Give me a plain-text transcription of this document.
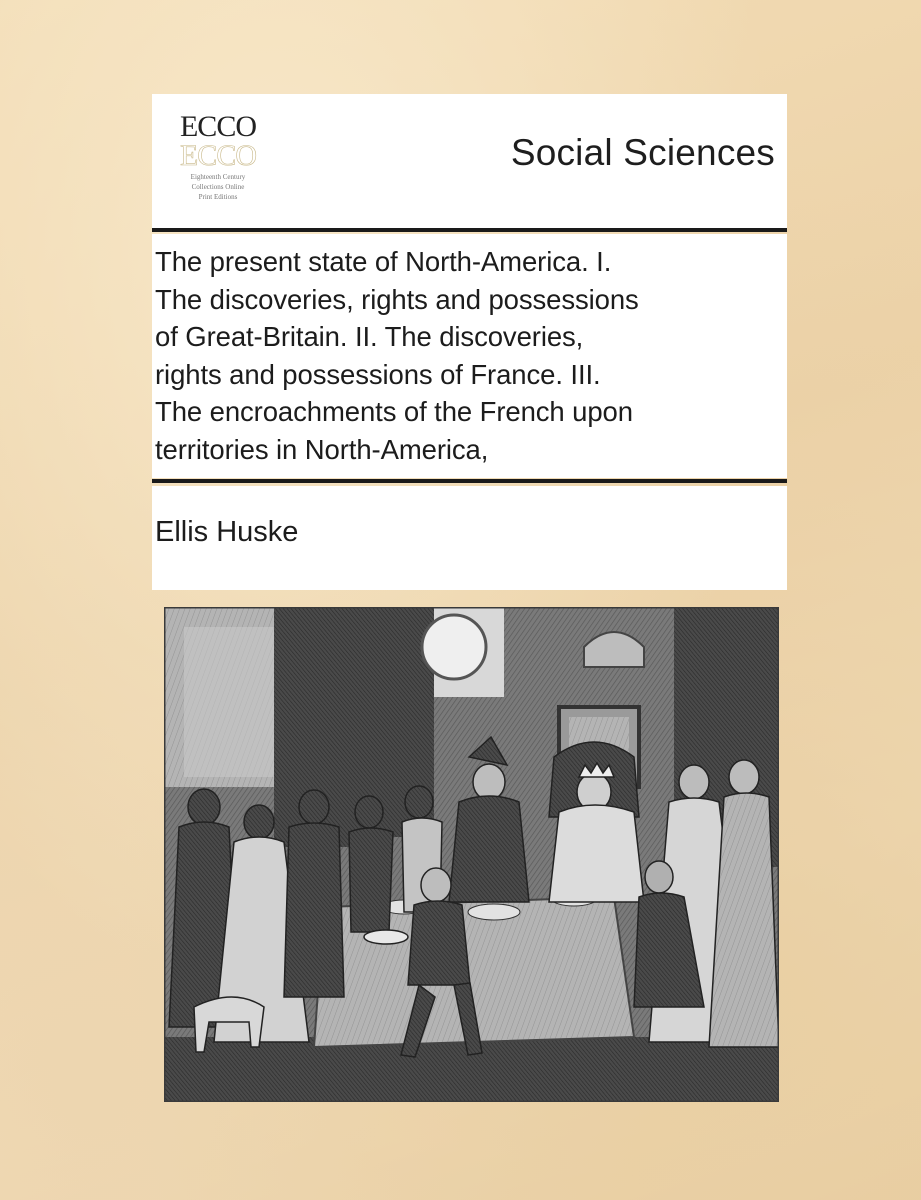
ECCO
ECCO
Eighteenth Century
Collections Online
Print Editions
Social Sciences
The present state of North-America. I.
The discoveries, rights and possessions
of Great-Britain. II. The discoveries,
rights and possessions of France. III.
The encroachments of the French upon
territories in North-America,
Ellis Huske
